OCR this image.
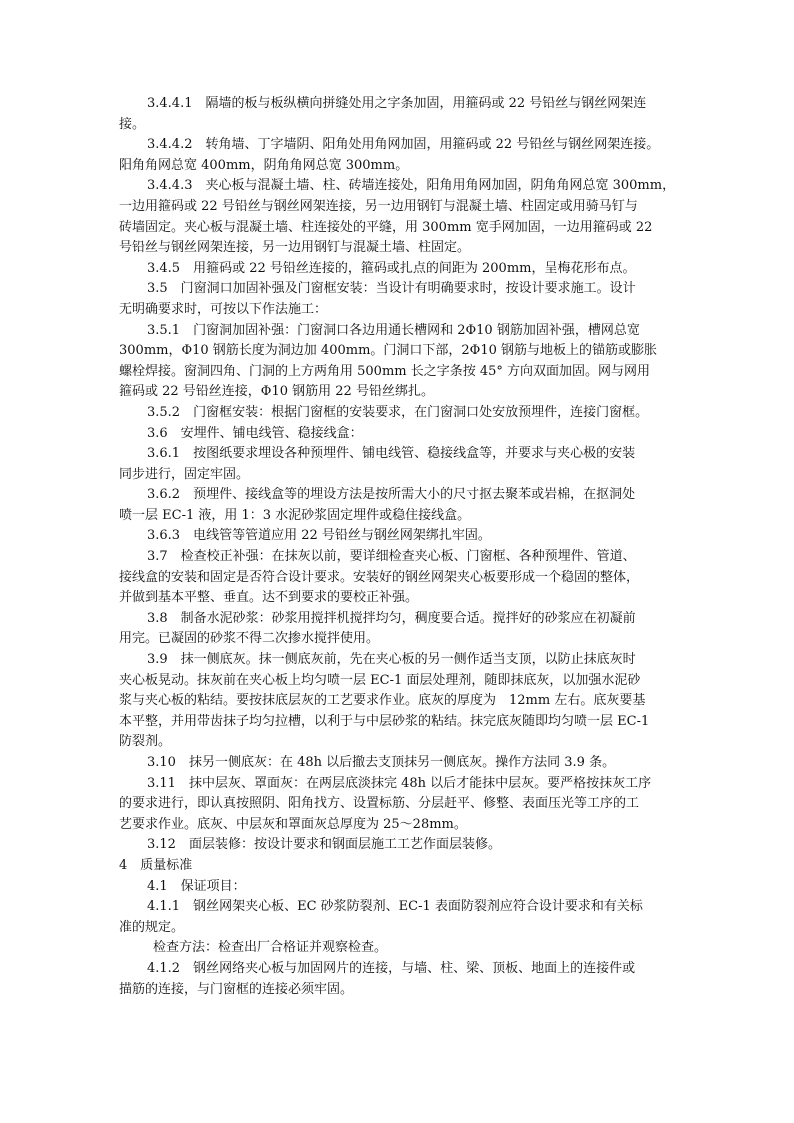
3.4.4.1　隔墙的板与板纵横向拼缝处用之字条加固，用箍码或 22 号铅丝与钢丝网架连
接。
3.4.4.2　转角墙、丁字墙阴、阳角处用角网加固，用箍码或 22 号铅丝与钢丝网架连接。
阳角角网总宽 400mm，阴角角网总宽 300mm。
3.4.4.3　夹心板与混凝土墙、柱、砖墙连接处，阳角用角网加固，阴角角网总宽 300mm，
一边用箍码或 22 号铅丝与钢丝网架连接，另一边用钢钉与混凝土墙、柱固定或用骑马钉与
砖墙固定。夹心板与混凝土墙、柱连接处的平缝，用 300mm 宽手网加固，一边用箍码或 22
号铅丝与钢丝网架连接，另一边用钢钉与混凝土墙、柱固定。
3.4.5　用箍码或 22 号铅丝连接的，箍码或扎点的间距为 200mm，呈梅花形布点。
3.5　门窗洞口加固补强及门窗框安装：当设计有明确要求时，按设计要求施工。设计
无明确要求时，可按以下作法施工：
3.5.1　门窗洞加固补强：门窗洞口各边用通长槽网和 2Φ10 钢筋加固补强，槽网总宽
300mm，Φ10 钢筋长度为洞边加 400mm。门洞口下部，2Φ10 钢筋与地板上的锚筋或膨胀
螺栓焊接。窗洞四角、门洞的上方两角用 500mm 长之字条按 45° 方向双面加固。网与网用
箍码或 22 号铅丝连接，Φ10 钢筋用 22 号铅丝绑扎。
3.5.2　门窗框安装：根据门窗框的安装要求，在门窗洞口处安放预埋件，连接门窗框。
3.6　安埋件、铺电线管、稳接线盒：
3.6.1　按图纸要求埋设各种预埋件、铺电线管、稳接线盒等，并要求与夹心极的安装
同步进行，固定牢固。
3.6.2　预埋件、接线盒等的埋设方法是按所需大小的尺寸抠去聚苯或岩棉，在抠洞处
喷一层 EC-1 液，用 1：3 水泥砂浆固定埋件或稳住接线盒。
3.6.3　电线管等管道应用 22 号铅丝与钢丝网架绑扎牢固。
3.7　检查校正补强：在抹灰以前，要详细检查夹心板、门窗框、各种预埋件、管道、
接线盒的安装和固定是否符合设计要求。安装好的钢丝网架夹心板要形成一个稳固的整体，
并做到基本平整、垂直。达不到要求的要校正补强。
3.8　制备水泥砂浆：砂浆用搅拌机搅拌均匀，稠度要合适。搅拌好的砂浆应在初凝前
用完。已凝固的砂浆不得二次掺水搅拌使用。
3.9　抹一侧底灰。抹一侧底灰前，先在夹心板的另一侧作适当支顶，以防止抹底灰时
夹心板晃动。抹灰前在夹心板上均匀喷一层 EC-1 面层处理剂，随即抹底灰，以加强水泥砂
浆与夹心板的粘结。要按抹底层灰的工艺要求作业。底灰的厚度为　12mm 左右。底灰要基
本平整，并用带齿抹子均匀拉槽，以利于与中层砂浆的粘结。抹完底灰随即均匀喷一层 EC-1
防裂剂。
3.10　抹另一侧底灰：在 48h 以后撤去支顶抹另一侧底灰。操作方法同 3.9 条。
3.11　抹中层灰、罩面灰：在两层底淡抹完 48h 以后才能抹中层灰。要严格按抹灰工序
的要求进行，即认真按照阴、阳角找方、设置标筋、分层赶平、修整、表面压光等工序的工
艺要求作业。底灰、中层灰和罩面灰总厚度为 25～28mm。
3.12　面层装修：按设计要求和钢面层施工工艺作面层装修。
4　质量标准
4.1　保证项目：
4.1.1　钢丝网架夹心板、EC 砂浆防裂剂、EC-1 表面防裂剂应符合设计要求和有关标
准的规定。
检查方法：检查出厂合格证并观察检查。
4.1.2　钢丝网络夹心板与加固网片的连接，与墙、柱、梁、顶板、地面上的连接件或
描筋的连接，与门窗框的连接必须牢固。
